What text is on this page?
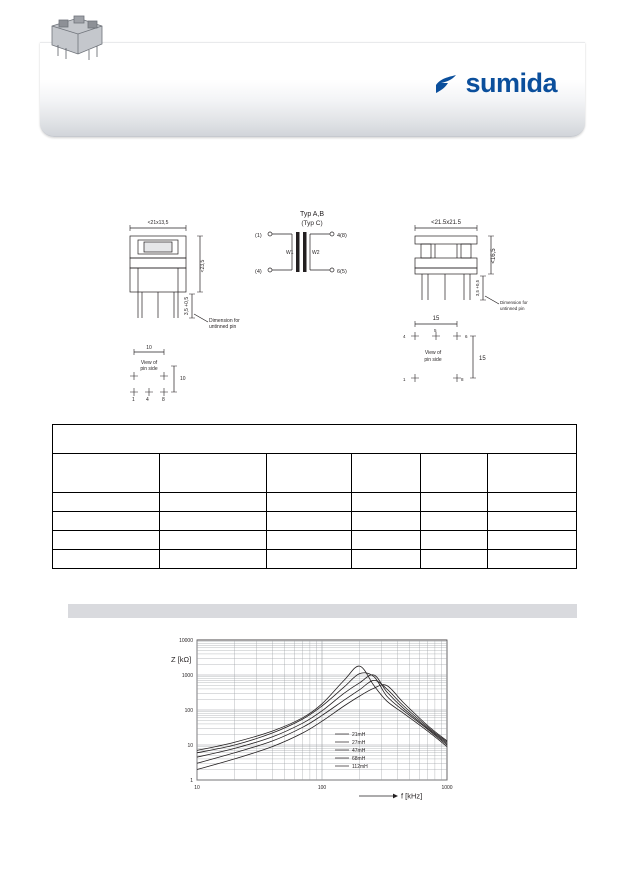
sumida
<21x13,5
<23,5
3,5 +0,5
Dimension for
untinned pin
10
10
View of
pin side
1 4	8
Typ A,B
(Typ C)
(1)
(4)
4(8)
6(5)
W1	W2
<21.5x21.5
<16,5
3,5 +0,5
Dimension for
untinned pin
15
15
View of
pin side
4
5
6
1	8

1
10
100
1000
10000
10	100	1000
Z [kΩ]
f [kHz]
21mH
27mH
47mH
68mH
112mH
